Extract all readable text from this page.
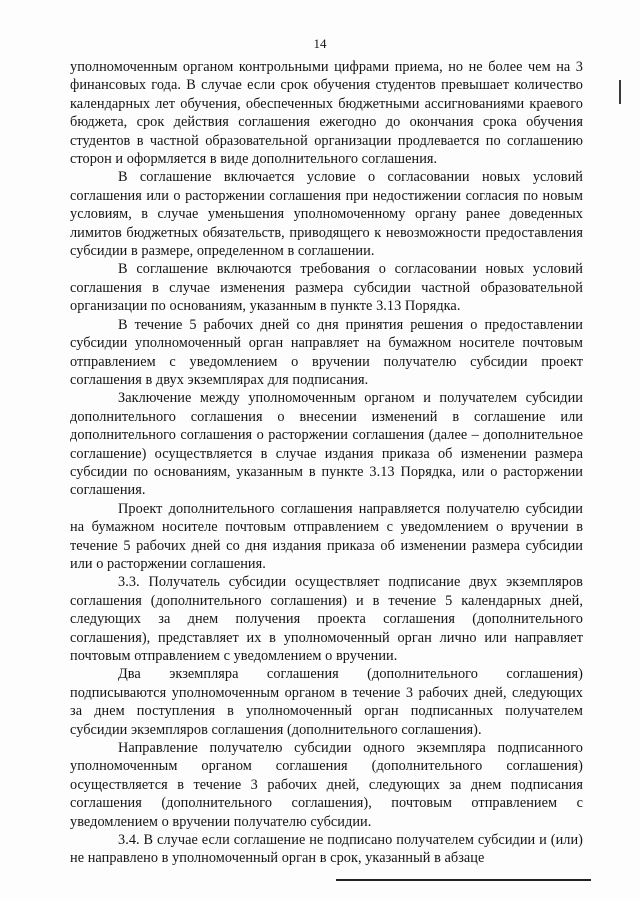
14

уполномоченным органом контрольными цифрами приема, но не более чем на 3 финансовых года. В случае если срок обучения студентов превышает количество календарных лет обучения, обеспеченных бюджетными ассигнованиями краевого бюджета, срок действия соглашения ежегодно до окончания срока обучения студентов в частной образовательной организации продлевается по соглашению сторон и оформляется в виде дополнительного соглашения.

В соглашение включается условие о согласовании новых условий соглашения или о расторжении соглашения при недостижении согласия по новым условиям, в случае уменьшения уполномоченному органу ранее доведенных лимитов бюджетных обязательств, приводящего к невозможности предоставления субсидии в размере, определенном в соглашении.

В соглашение включаются требования о согласовании новых условий соглашения в случае изменения размера субсидии частной образовательной организации по основаниям, указанным в пункте 3.13 Порядка.

В течение 5 рабочих дней со дня принятия решения о предоставлении субсидии уполномоченный орган направляет на бумажном носителе почтовым отправлением с уведомлением о вручении получателю субсидии проект соглашения в двух экземплярах для подписания.

Заключение между уполномоченным органом и получателем субсидии дополнительного соглашения о внесении изменений в соглашение или дополнительного соглашения о расторжении соглашения (далее – дополнительное соглашение) осуществляется в случае издания приказа об изменении размера субсидии по основаниям, указанным в пункте 3.13 Порядка, или о расторжении соглашения.

Проект дополнительного соглашения направляется получателю субсидии на бумажном носителе почтовым отправлением с уведомлением о вручении в течение 5 рабочих дней со дня издания приказа об изменении размера субсидии или о расторжении соглашения.

3.3. Получатель субсидии осуществляет подписание двух экземпляров соглашения (дополнительного соглашения) и в течение 5 календарных дней, следующих за днем получения проекта соглашения (дополнительного соглашения), представляет их в уполномоченный орган лично или направляет почтовым отправлением с уведомлением о вручении.

Два экземпляра соглашения (дополнительного соглашения) подписываются уполномоченным органом в течение 3 рабочих дней, следующих за днем поступления в уполномоченный орган подписанных получателем субсидии экземпляров соглашения (дополнительного соглашения).

Направление получателю субсидии одного экземпляра подписанного уполномоченным органом соглашения (дополнительного соглашения) осуществляется в течение 3 рабочих дней, следующих за днем подписания соглашения (дополнительного соглашения), почтовым отправлением с уведомлением о вручении получателю субсидии.

3.4. В случае если соглашение не подписано получателем субсидии и (или) не направлено в уполномоченный орган в срок, указанный в абзаце
